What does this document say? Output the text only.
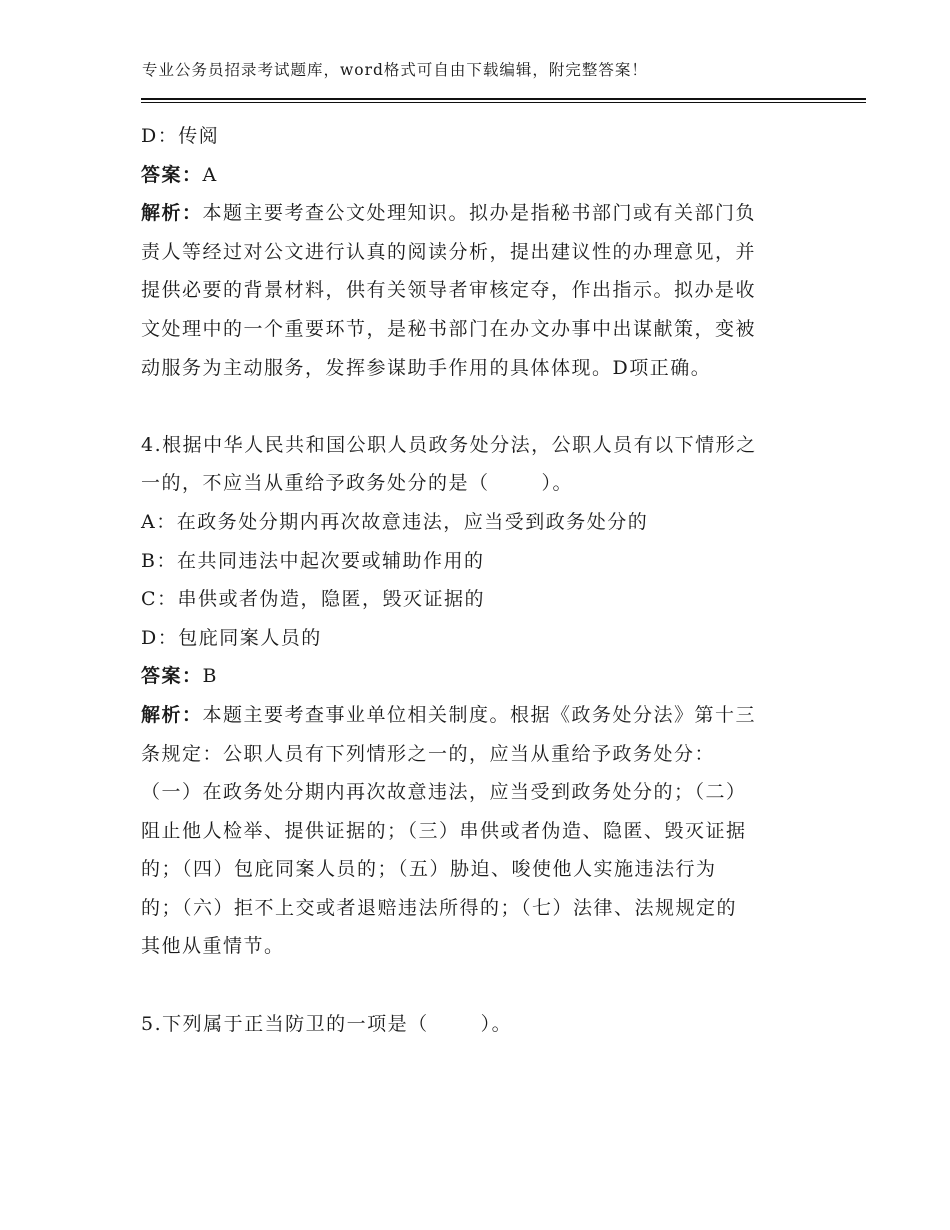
专业公务员招录考试题库，word格式可自由下载编辑，附完整答案！
D：传阅
答案：A
解析：本题主要考查公文处理知识。拟办是指秘书部门或有关部门负
责人等经过对公文进行认真的阅读分析，提出建议性的办理意见，并
提供必要的背景材料，供有关领导者审核定夺，作出指示。拟办是收
文处理中的一个重要环节，是秘书部门在办文办事中出谋献策，变被
动服务为主动服务，发挥参谋助手作用的具体体现。D项正确。
4.根据中华人民共和国公职人员政务处分法，公职人员有以下情形之
一的，不应当从重给予政务处分的是（	）。
A：在政务处分期内再次故意违法，应当受到政务处分的
B：在共同违法中起次要或辅助作用的
C：串供或者伪造，隐匿，毁灭证据的
D：包庇同案人员的
答案：B
解析：本题主要考查事业单位相关制度。根据《政务处分法》第十三
条规定：公职人员有下列情形之一的，应当从重给予政务处分：
（一）在政务处分期内再次故意违法，应当受到政务处分的；（二）
阻止他人检举、提供证据的；（三）串供或者伪造、隐匿、毁灭证据
的；（四）包庇同案人员的；（五）胁迫、唆使他人实施违法行为
的；（六）拒不上交或者退赔违法所得的；（七）法律、法规规定的
其他从重情节。
5.下列属于正当防卫的一项是（	）。
